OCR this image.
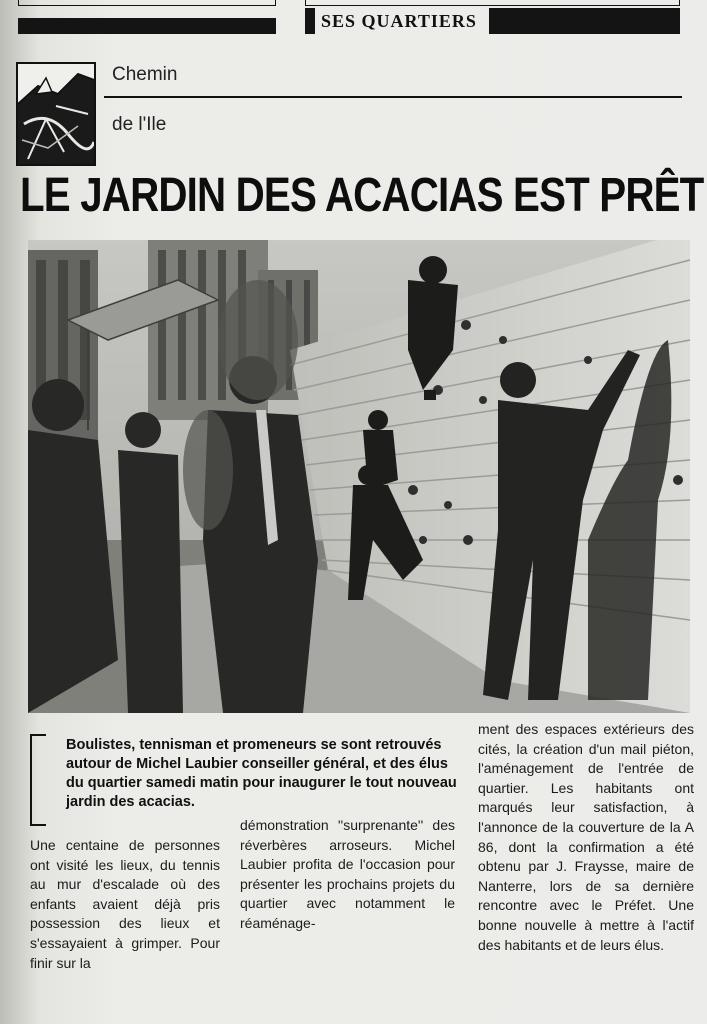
SES QUARTIERS
Chemin
de l'Ile
LE JARDIN DES ACACIAS EST PRÊT
Boulistes, tennisman et promeneurs se sont retrouvés autour de Michel Laubier conseiller général, et des élus du quartier samedi matin pour inaugurer le tout nouveau jardin des acacias.

Une centaine de personnes ont visité les lieux, du tennis au mur d'escalade où des enfants avaient déjà pris possession des lieux et s'essayaient à grimper. Pour finir sur la

démonstration ''surprenante'' des réverbères arroseurs. Michel Laubier profita de l'occasion pour présenter les prochains projets du quartier avec notamment le réaménage-

ment des espaces extérieurs des cités, la création d'un mail piéton, l'aménagement de l'entrée de quartier. Les habitants ont marqués leur satisfaction, à l'annonce de la couverture de la A 86, dont la confirmation a été obtenu par J. Fraysse, maire de Nanterre, lors de sa dernière rencontre avec le Préfet. Une bonne nouvelle à mettre à l'actif des habitants et de leurs élus.
